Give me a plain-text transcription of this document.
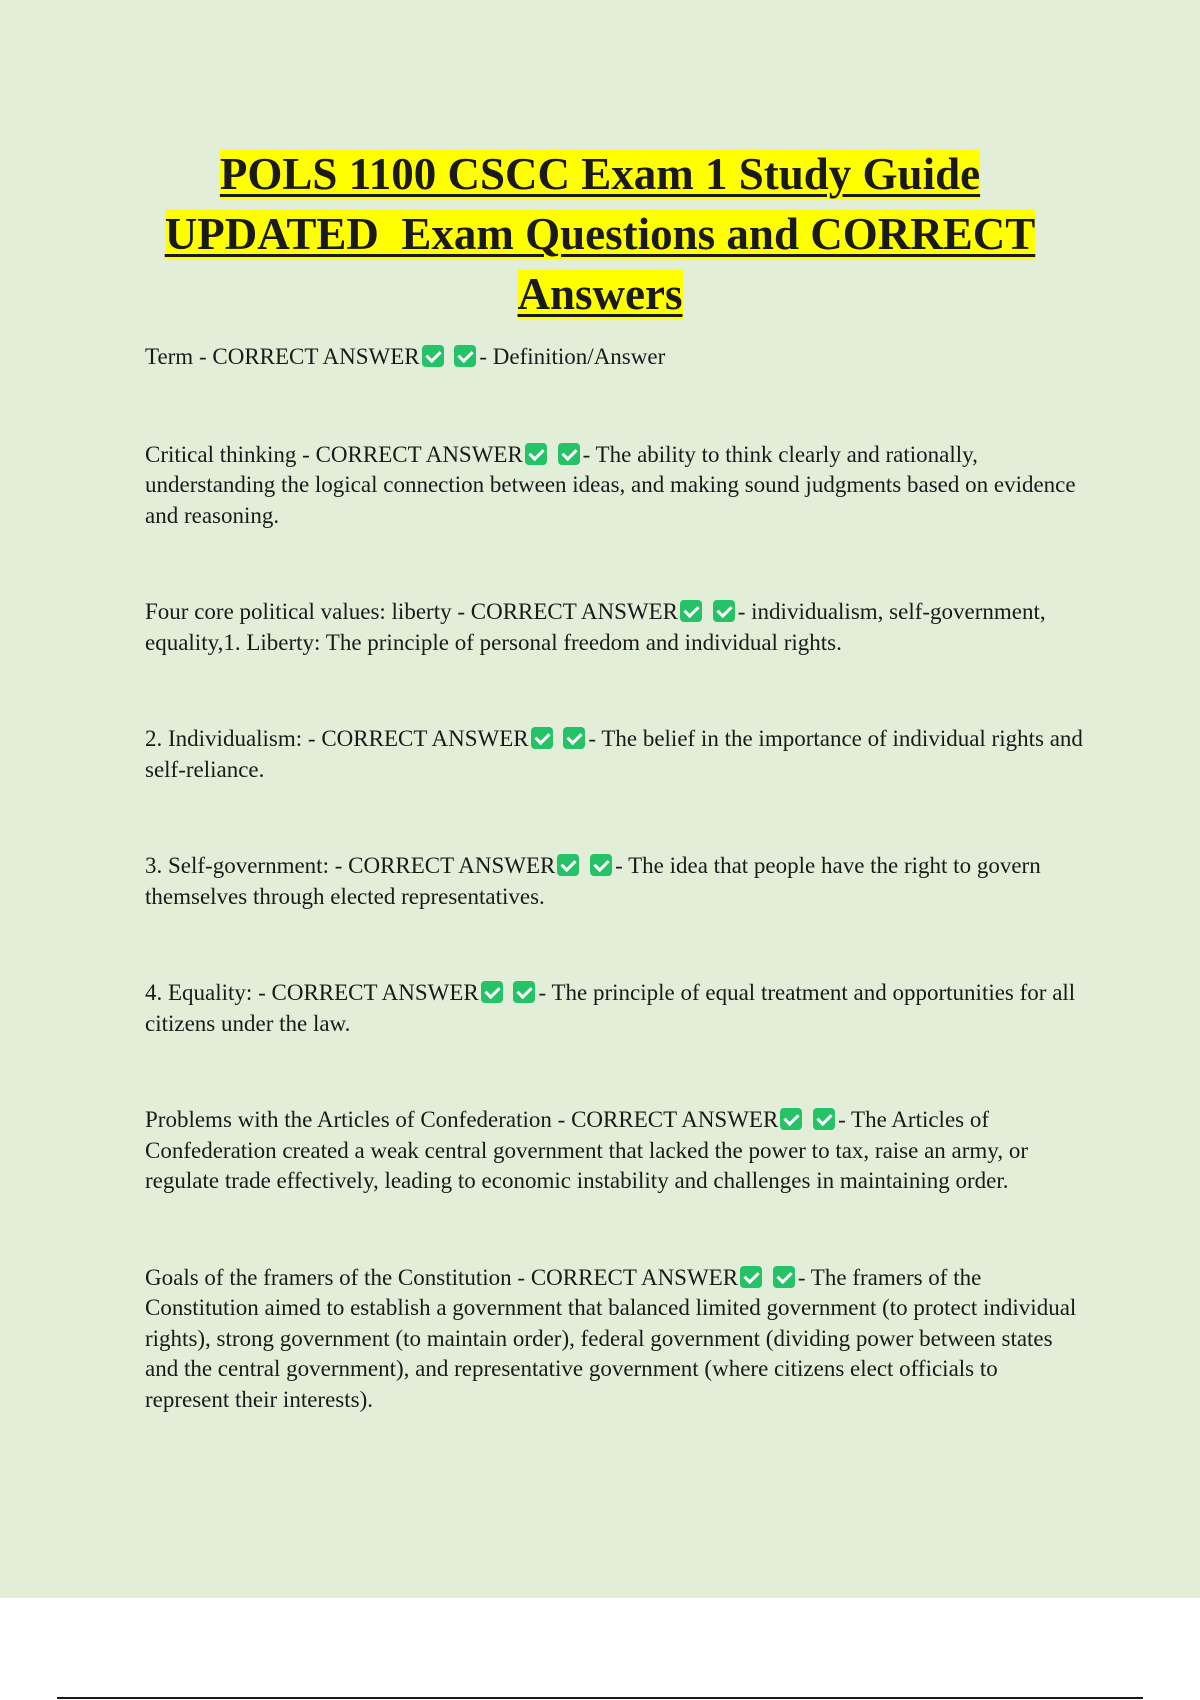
POLS 1100 CSCC Exam 1 Study Guide
UPDATED  Exam Questions and CORRECT
Answers

Term - CORRECT ANSWER	- Definition/Answer

Critical thinking - CORRECT ANSWER	- The ability to think clearly and rationally, understanding the logical connection between ideas, and making sound judgments based on evidence and reasoning.

Four core political values: liberty - CORRECT ANSWER	- individualism, self-government, equality,1. Liberty: The principle of personal freedom and individual rights.

2. Individualism: - CORRECT ANSWER	- The belief in the importance of individual rights and self-reliance.

3. Self-government: - CORRECT ANSWER	- The idea that people have the right to govern themselves through elected representatives.

4. Equality: - CORRECT ANSWER	- The principle of equal treatment and opportunities for all citizens under the law.

Problems with the Articles of Confederation - CORRECT ANSWER	- The Articles of Confederation created a weak central government that lacked the power to tax, raise an army, or regulate trade effectively, leading to economic instability and challenges in maintaining order.

Goals of the framers of the Constitution - CORRECT ANSWER	- The framers of the Constitution aimed to establish a government that balanced limited government (to protect individual rights), strong government (to maintain order), federal government (dividing power between states and the central government), and representative government (where citizens elect officials to represent their interests).
